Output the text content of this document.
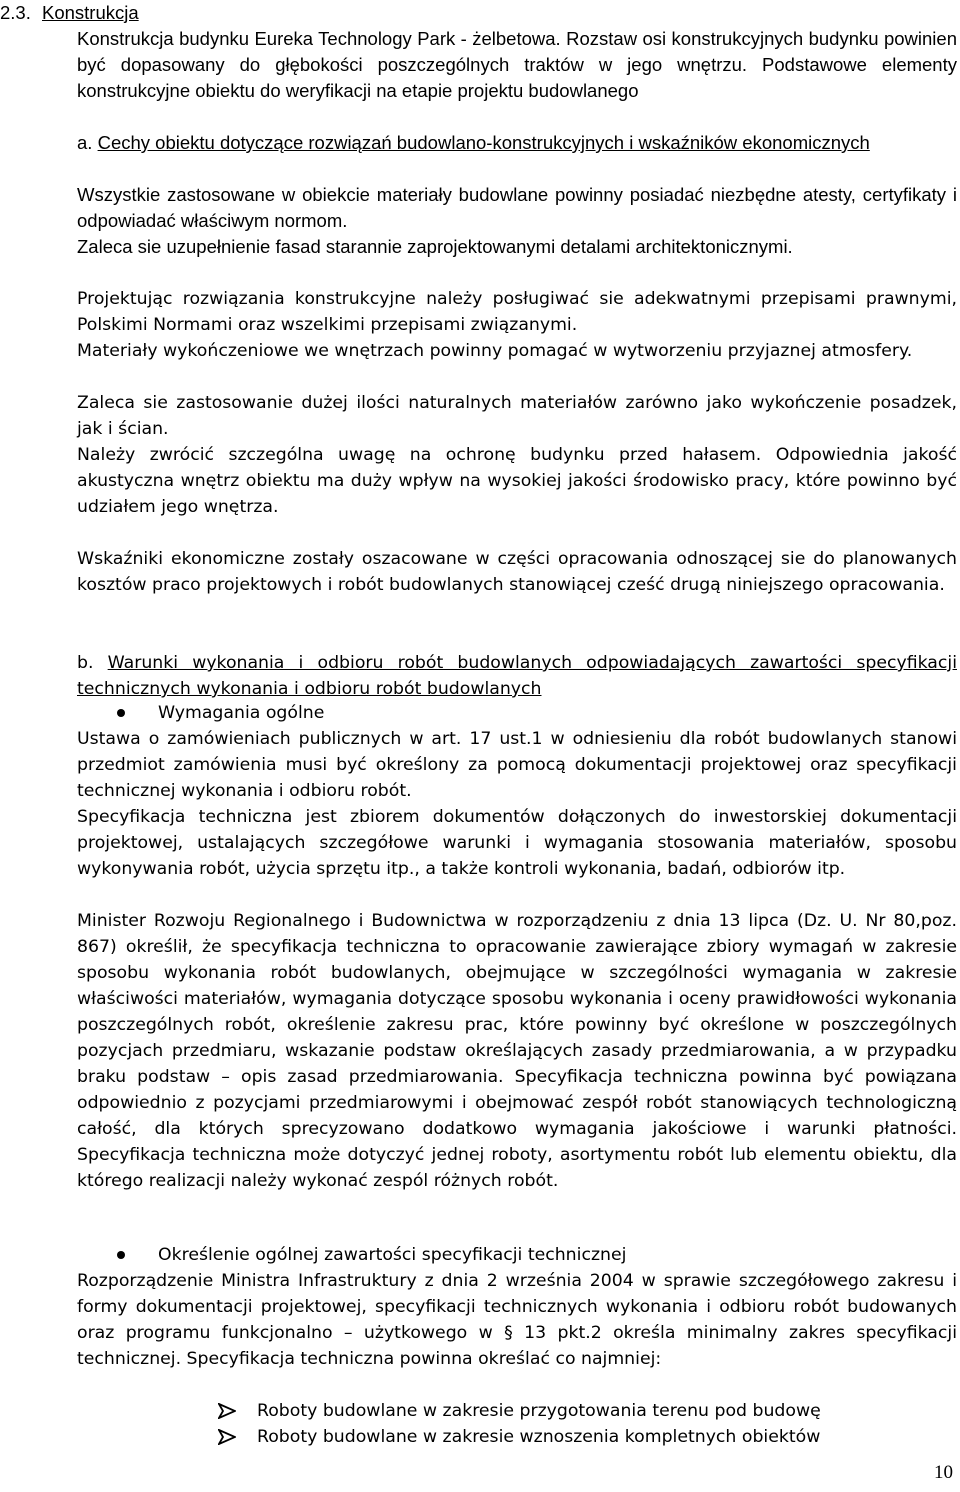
2.3. Konstrukcja

Konstrukcja budynku Eureka Technology Park - żelbetowa. Rozstaw osi konstrukcyjnych budynku powinien być dopasowany do głębokości poszczególnych traktów w jego wnętrzu. Podstawowe elementy konstrukcyjne obiektu do weryfikacji na etapie projektu budowlanego

a. Cechy obiektu dotyczące rozwiązań budowlano-konstrukcyjnych i wskaźników ekonomicznych

Wszystkie zastosowane w obiekcie materiały budowlane powinny posiadać niezbędne atesty, certyfikaty i odpowiadać właściwym normom.

Zaleca sie uzupełnienie fasad starannie zaprojektowanymi detalami architektonicznymi.

Projektując rozwiązania konstrukcyjne należy posługiwać sie adekwatnymi przepisami prawnymi, Polskimi Normami oraz wszelkimi przepisami związanymi.

Materiały wykończeniowe we wnętrzach powinny pomagać w wytworzeniu przyjaznej atmosfery.

Zaleca sie zastosowanie dużej ilości naturalnych materiałów zarówno jako wykończenie posadzek, jak i ścian.

Należy zwrócić szczególna uwagę na ochronę budynku przed hałasem. Odpowiednia jakość akustyczna wnętrz obiektu ma duży wpływ na wysokiej jakości środowisko pracy, które powinno być udziałem jego wnętrza.

Wskaźniki ekonomiczne zostały oszacowane w części opracowania odnoszącej sie do planowanych kosztów praco projektowych i robót budowlanych stanowiącej cześć drugą niniejszego opracowania.

b. Warunki wykonania i odbioru robót budowlanych odpowiadających zawartości specyfikacji technicznych wykonania i odbioru robót budowlanych

Wymagania ogólne

Ustawa o zamówieniach publicznych w art. 17 ust.1 w odniesieniu dla robót budowlanych stanowi przedmiot zamówienia musi być określony za pomocą dokumentacji projektowej oraz specyfikacji technicznej wykonania i odbioru robót.

Specyfikacja techniczna jest zbiorem dokumentów dołączonych do inwestorskiej dokumentacji projektowej, ustalających szczegółowe warunki i wymagania stosowania materiałów, sposobu wykonywania robót, użycia sprzętu itp., a także kontroli wykonania, badań, odbiorów itp.

Minister Rozwoju Regionalnego i Budownictwa w rozporządzeniu z dnia 13 lipca (Dz. U. Nr 80,poz. 867) określił, że specyfikacja techniczna to opracowanie zawierające zbiory wymagań w zakresie sposobu wykonania robót budowlanych, obejmujące w szczególności wymagania w zakresie właściwości materiałów, wymagania dotyczące sposobu wykonania i oceny prawidłowości wykonania poszczególnych robót, określenie zakresu prac, które powinny być określone w poszczególnych pozycjach przedmiaru, wskazanie podstaw określających zasady przedmiarowania, a w przypadku braku podstaw – opis zasad przedmiarowania. Specyfikacja techniczna powinna być powiązana odpowiednio z pozycjami przedmiarowymi i obejmować zespół robót stanowiących technologiczną całość, dla których sprecyzowano dodatkowo wymagania jakościowe i warunki płatności. Specyfikacja techniczna może dotyczyć jednej roboty, asortymentu robót lub elementu obiektu, dla którego realizacji należy wykonać zespól różnych robót.

Określenie ogólnej zawartości specyfikacji technicznej

Rozporządzenie Ministra Infrastruktury z dnia 2 września 2004 w sprawie szczegółowego zakresu i formy dokumentacji projektowej, specyfikacji technicznych wykonania i odbioru robót budowanych oraz programu funkcjonalno – użytkowego w § 13 pkt.2 określa minimalny zakres specyfikacji technicznej. Specyfikacja techniczna powinna określać co najmniej:

Roboty budowlane w zakresie przygotowania terenu pod budowę
Roboty budowlane w zakresie wznoszenia kompletnych obiektów
10
